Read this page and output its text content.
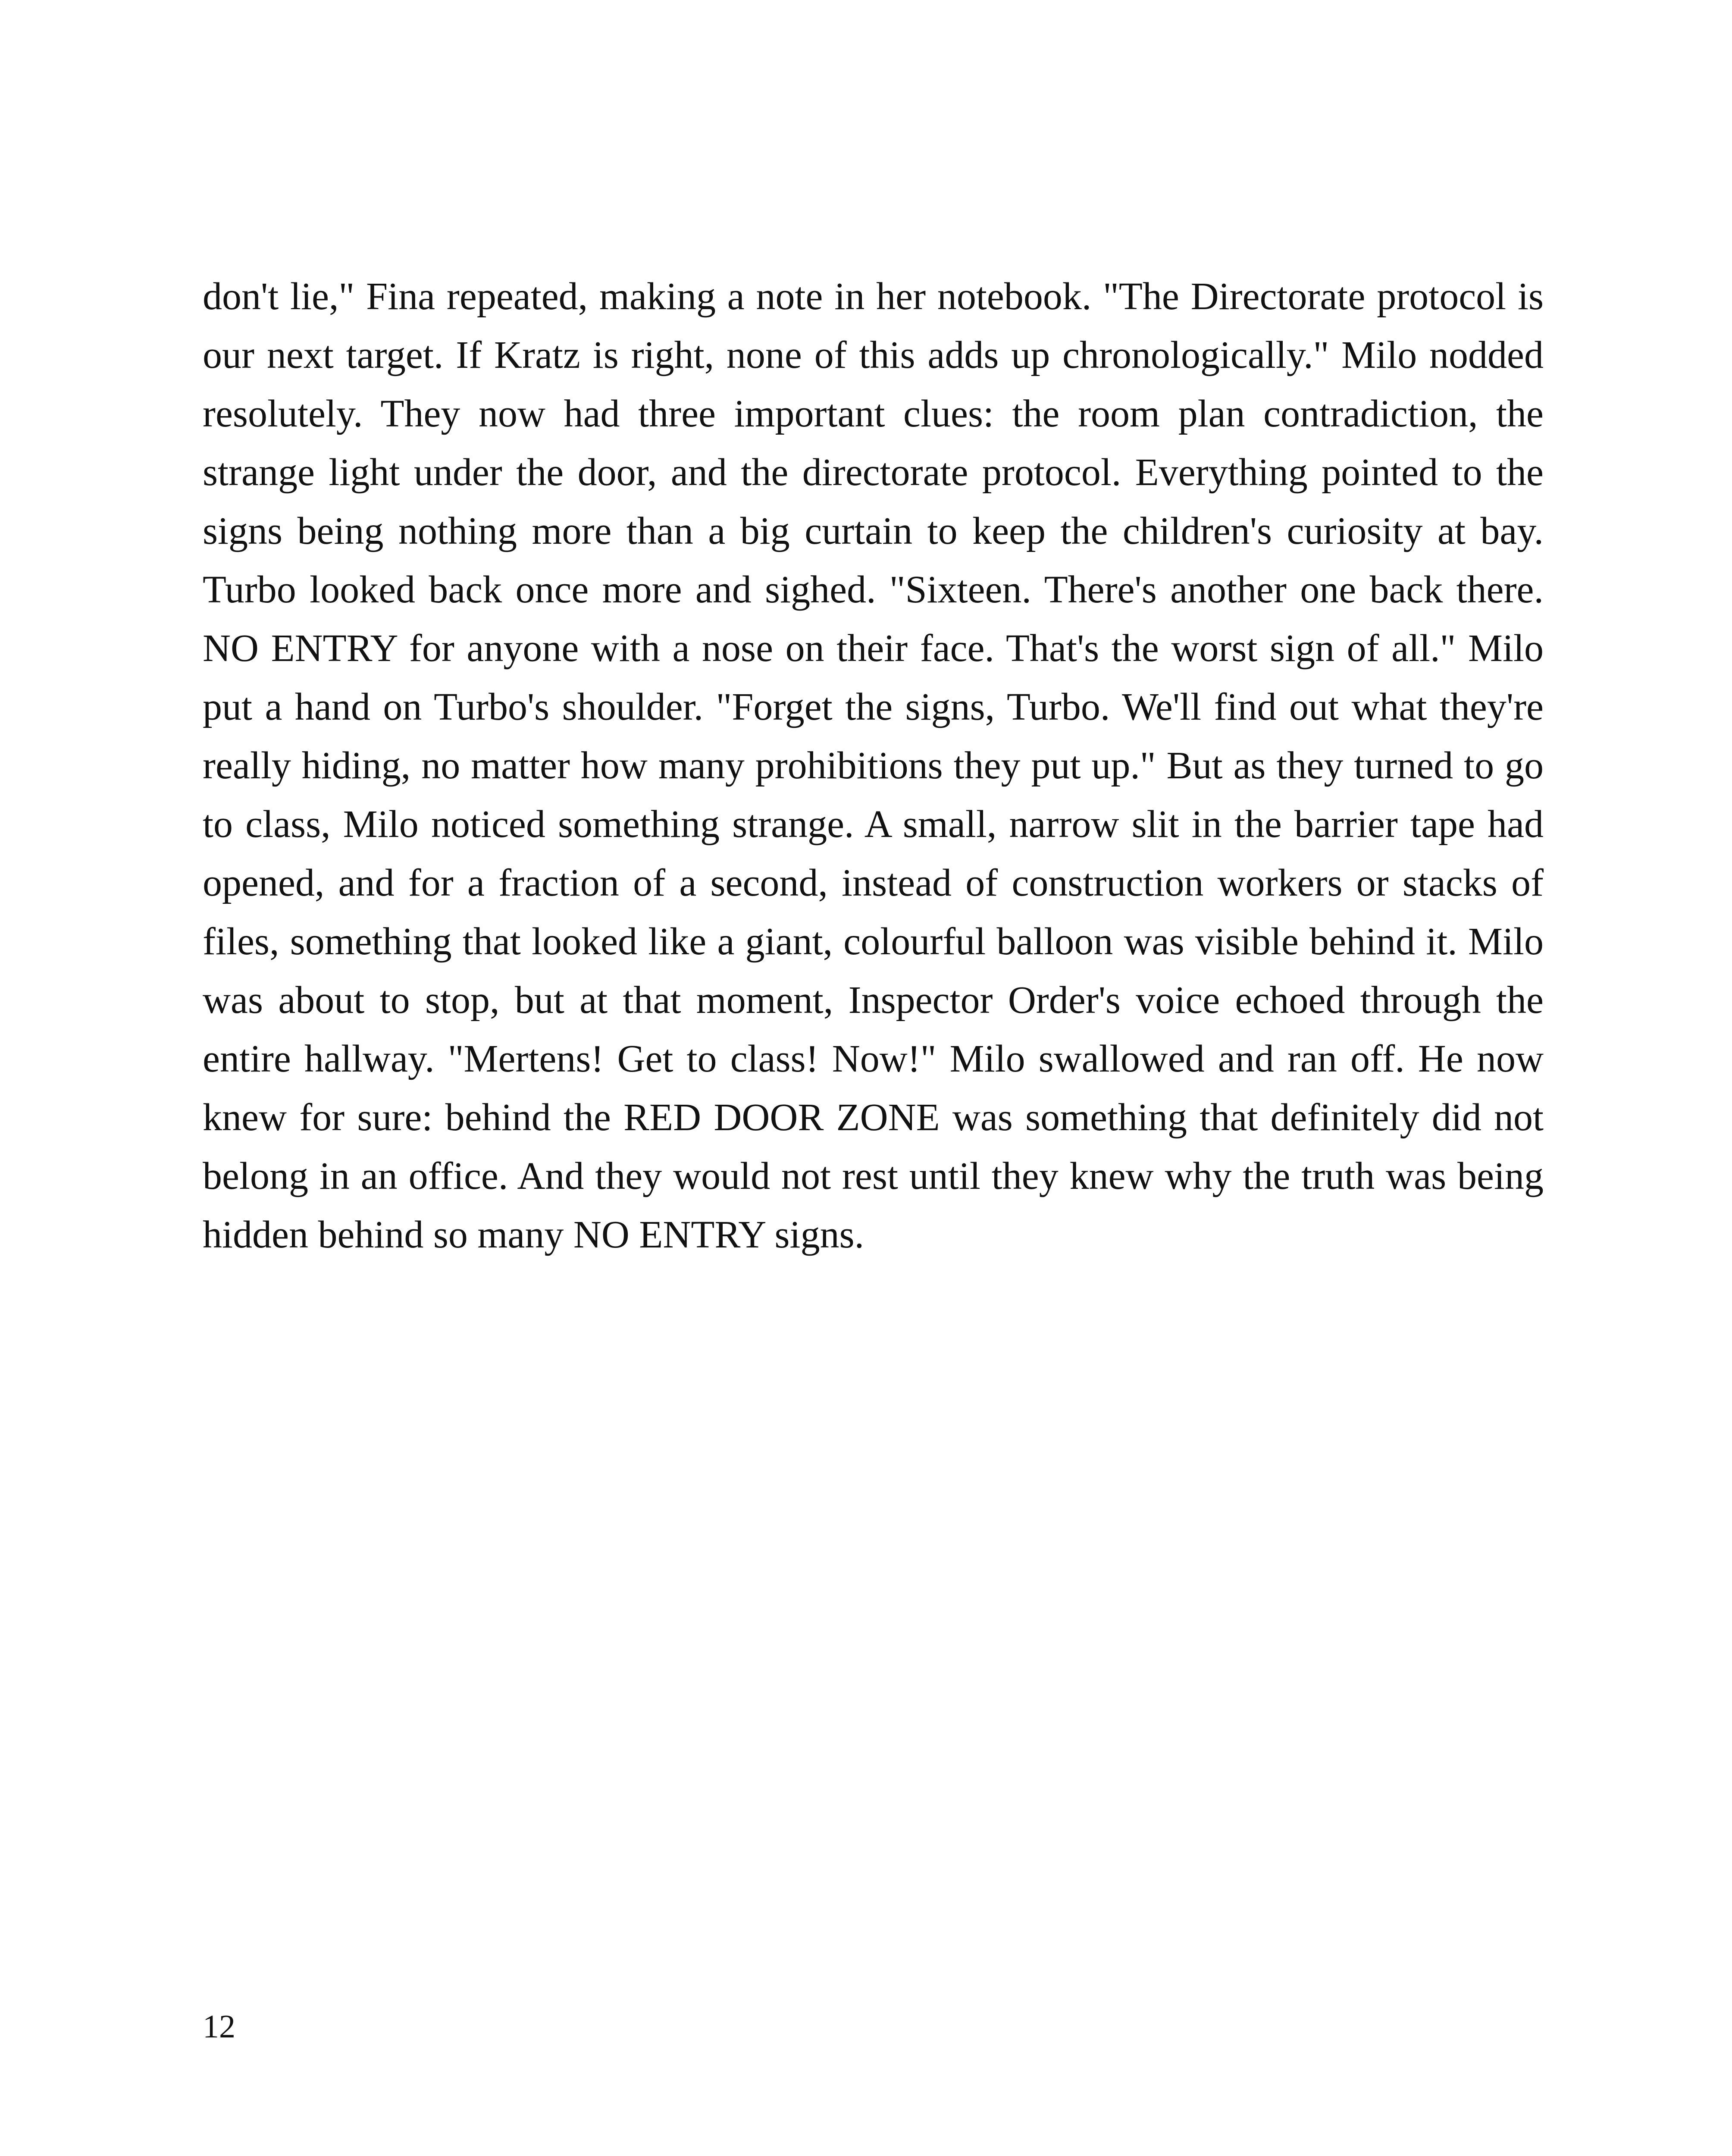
don't lie," Fina repeated, making a note in her notebook. "The Directorate protocol is our next target. If Kratz is right, none of this adds up chronologically." Milo nodded resolutely. They now had three important clues: the room plan contradiction, the strange light under the door, and the directorate protocol. Everything pointed to the signs being nothing more than a big curtain to keep the children's curiosity at bay. Turbo looked back once more and sighed. "Sixteen. There's another one back there. NO ENTRY for anyone with a nose on their face. That's the worst sign of all." Milo put a hand on Turbo's shoulder. "Forget the signs, Turbo. We'll find out what they're really hiding, no matter how many prohibitions they put up." But as they turned to go to class, Milo noticed something strange. A small, narrow slit in the barrier tape had opened, and for a fraction of a second, instead of construction workers or stacks of files, something that looked like a giant, colourful balloon was visible behind it. Milo was about to stop, but at that moment, Inspector Order's voice echoed through the entire hallway. "Mertens! Get to class! Now!" Milo swallowed and ran off. He now knew for sure: behind the RED DOOR ZONE was something that definitely did not belong in an office. And they would not rest until they knew why the truth was being hidden behind so many NO ENTRY signs.

12
